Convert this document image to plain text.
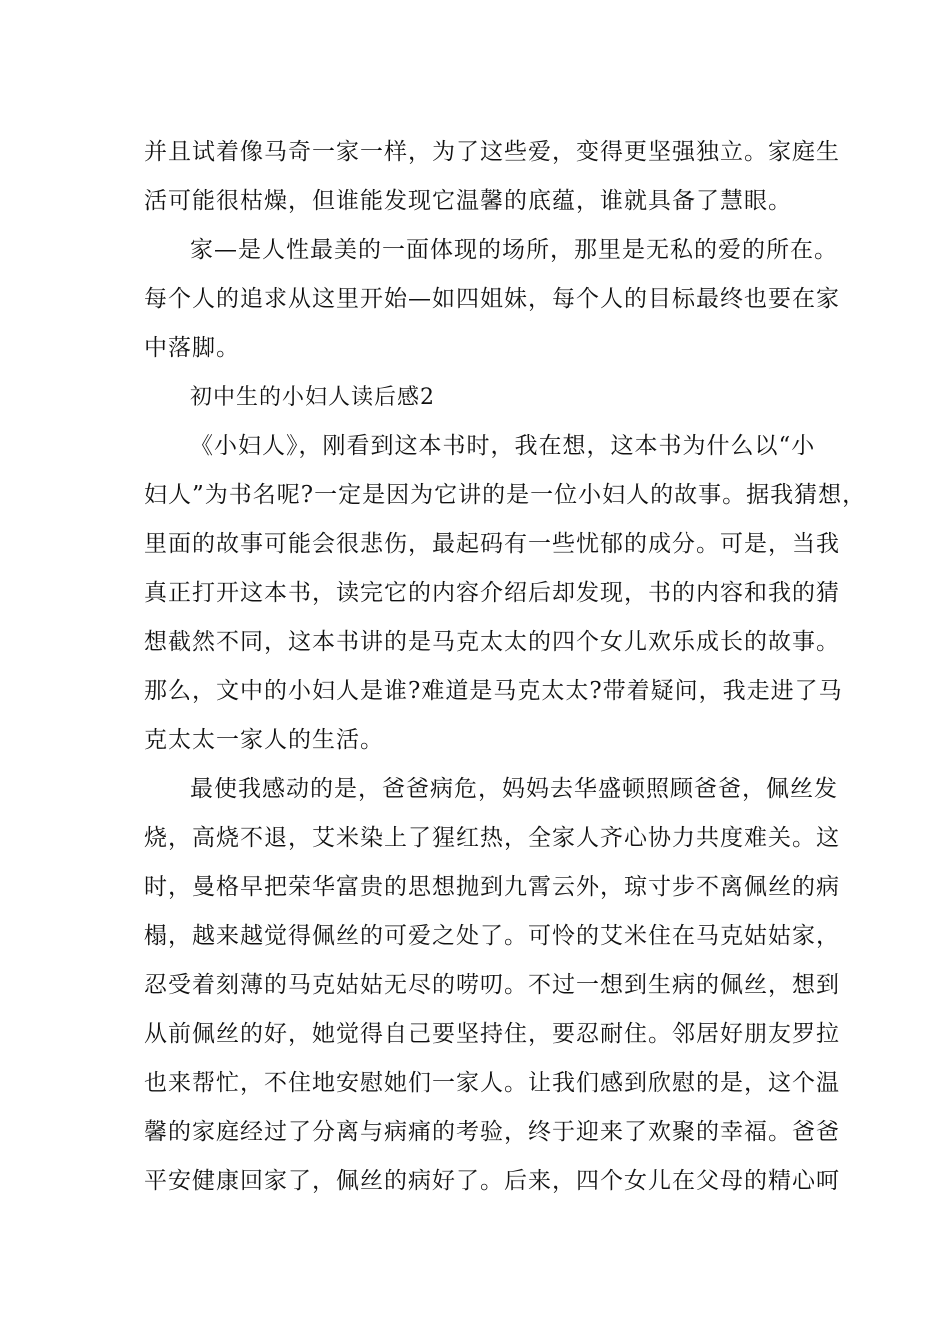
并且试着像马奇一家一样，为了这些爱，变得更坚强独立。家庭生
活可能很枯燥，但谁能发现它温馨的底蕴，谁就具备了慧眼。
家—是人性最美的一面体现的场所，那里是无私的爱的所在。
每个人的追求从这里开始—如四姐妹，每个人的目标最终也要在家
中落脚。
初中生的小妇人读后感2
《小妇人》，刚看到这本书时，我在想，这本书为什么以“小
妇人”为书名呢?一定是因为它讲的是一位小妇人的故事。据我猜想，
里面的故事可能会很悲伤，最起码有一些忧郁的成分。可是，当我
真正打开这本书，读完它的内容介绍后却发现，书的内容和我的猜
想截然不同，这本书讲的是马克太太的四个女儿欢乐成长的故事。
那么，文中的小妇人是谁?难道是马克太太?带着疑问，我走进了马
克太太一家人的生活。
最使我感动的是，爸爸病危，妈妈去华盛顿照顾爸爸，佩丝发
烧，高烧不退，艾米染上了猩红热，全家人齐心协力共度难关。这
时，曼格早把荣华富贵的思想抛到九霄云外，琼寸步不离佩丝的病
榻，越来越觉得佩丝的可爱之处了。可怜的艾米住在马克姑姑家，
忍受着刻薄的马克姑姑无尽的唠叨。不过一想到生病的佩丝，想到
从前佩丝的好，她觉得自己要坚持住，要忍耐住。邻居好朋友罗拉
也来帮忙，不住地安慰她们一家人。让我们感到欣慰的是，这个温
馨的家庭经过了分离与病痛的考验，终于迎来了欢聚的幸福。爸爸
平安健康回家了，佩丝的病好了。后来，四个女儿在父母的精心呵
